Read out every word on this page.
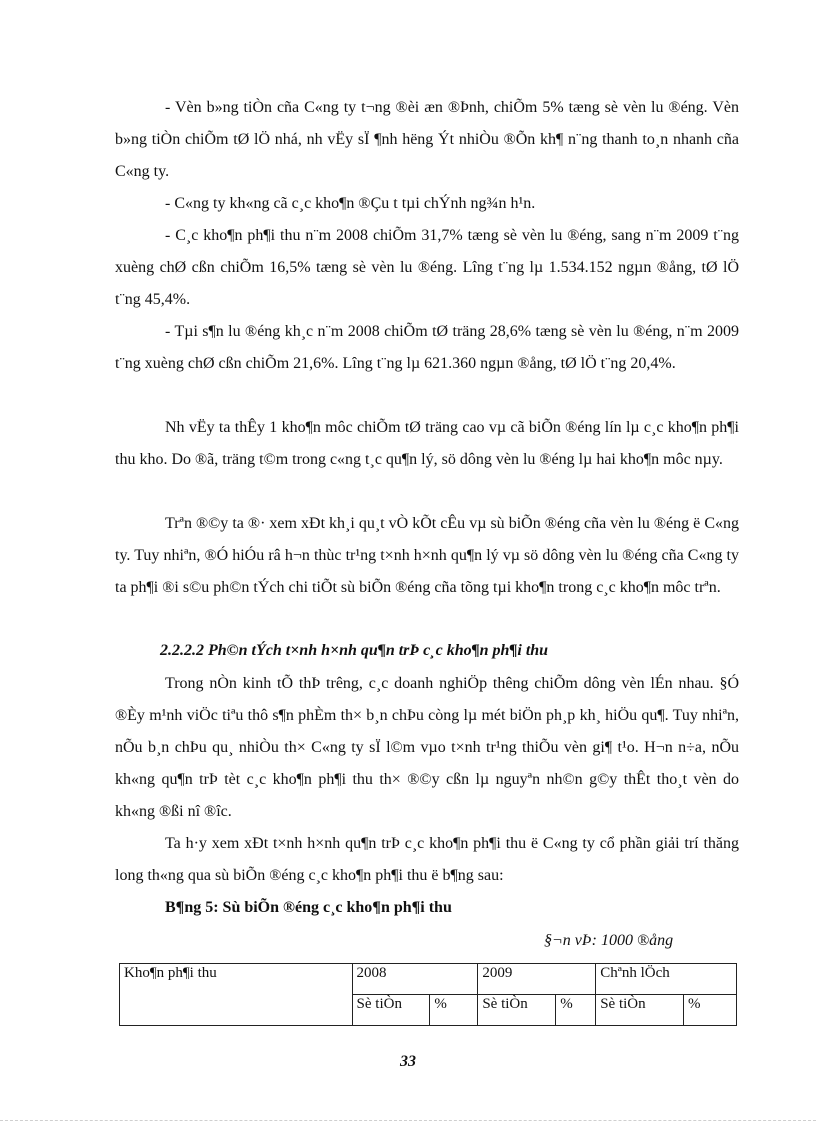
- Vèn b»ng tiÒn cña C«ng ty t¬ng ®èi æn ®Þnh, chiÕm 5% tæng sè vèn lu ®éng. Vèn b»ng tiÒn chiÕm tØ lÖ nhá, nh vËy sÏ ¶nh hëng Ýt nhiÒu ®Õn kh¶ n¨ng thanh to¸n nhanh cña C«ng ty.

- C«ng ty kh«ng cã c¸c kho¶n ®Çu t tµi chÝnh ng¾n h¹n.

- C¸c kho¶n ph¶i thu n¨m 2008 chiÕm 31,7% tæng sè vèn lu ®éng, sang n¨m 2009 t¨ng xuèng chØ cßn chiÕm 16,5% tæng sè vèn lu ®éng. Lîng t¨ng lµ 1.534.152 ngµn ®ång, tØ lÖ t¨ng 45,4%.

- Tµi s¶n lu ®éng kh¸c n¨m 2008 chiÕm tØ träng 28,6% tæng sè vèn lu ®éng, n¨m 2009 t¨ng xuèng chØ cßn chiÕm 21,6%. Lîng t¨ng lµ 621.360 ngµn ®ång, tØ lÖ t¨ng 20,4%.

Nh vËy ta thÊy 1 kho¶n môc chiÕm tØ träng cao vµ cã biÕn ®éng lín lµ c¸c kho¶n ph¶i thu kho. Do ®ã, träng t©m trong c«ng t¸c qu¶n lý, sö dông vèn lu ®éng lµ hai kho¶n môc nµy.

Trªn ®©y ta ®· xem xÐt kh¸i qu¸t vÒ kÕt cÊu vµ sù biÕn ®éng cña vèn lu ®éng ë C«ng ty. Tuy nhiªn, ®Ó hiÓu râ h¬n thùc tr¹ng t×nh h×nh qu¶n lý vµ sö dông vèn lu ®éng cña C«ng ty ta ph¶i ®i s©u ph©n tÝch chi tiÕt sù biÕn ®éng cña tõng tµi kho¶n trong c¸c kho¶n môc trªn.

2.2.2.2 Ph©n tÝch t×nh h×nh qu¶n trÞ c¸c kho¶n ph¶i thu

Trong nÒn kinh tÕ thÞ trêng, c¸c doanh nghiÖp thêng chiÕm dông vèn lÉn nhau. §Ó ®Èy m¹nh viÖc tiªu thô s¶n phÈm th× b¸n chÞu còng lµ mét biÖn ph¸p kh¸ hiÖu qu¶. Tuy nhiªn, nÕu b¸n chÞu qu¸ nhiÒu th× C«ng ty sÏ l©m vµo t×nh tr¹ng thiÕu vèn gi¶ t¹o. H¬n n÷a, nÕu kh«ng qu¶n trÞ tèt c¸c kho¶n ph¶i thu th× ®©y cßn lµ nguyªn nh©n g©y thÊt tho¸t vèn do kh«ng ®ßi nî ®îc.

Ta h·y xem xÐt t×nh h×nh qu¶n trÞ c¸c kho¶n ph¶i thu ë C«ng ty cổ phần giải trí thăng long th«ng qua sù biÕn ®éng c¸c kho¶n ph¶i thu ë b¶ng sau:

B¶ng 5: Sù biÕn ®éng c¸c kho¶n ph¶i thu

§¬n vÞ: 1000 ®ång

Kho¶n ph¶i thu	2008		2009		Chªnh lÖch	
	Sè tiÒn	%	Sè tiÒn	%	Sè tiÒn	%
33
